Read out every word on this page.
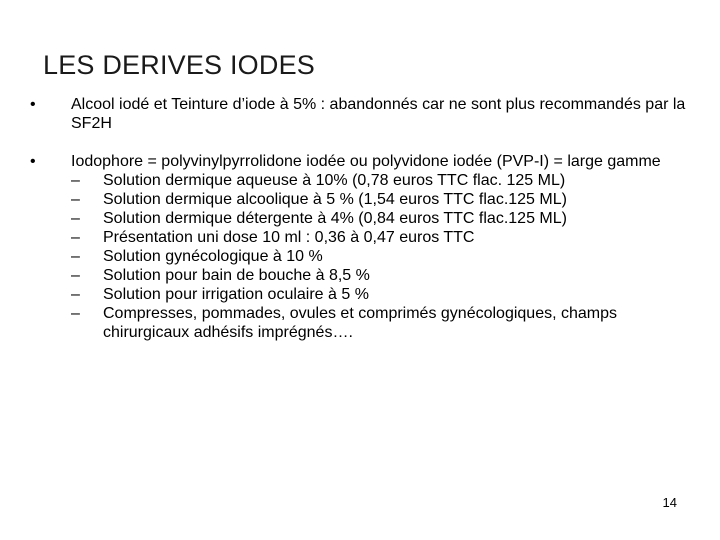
LES DERIVES IODES
•	Alcool iodé et Teinture d’iode à 5% : abandonnés car ne sont plus recommandés par la SF2H
•	Iodophore = polyvinylpyrrolidone iodée ou polyvidone iodée (PVP-I) = large gamme
– Solution dermique aqueuse à 10% (0,78 euros TTC flac. 125 ML)
– Solution dermique alcoolique à 5 % (1,54 euros TTC flac.125 ML)
– Solution dermique détergente à 4% (0,84 euros TTC flac.125 ML)
– Présentation uni dose 10 ml : 0,36 à 0,47 euros TTC
– Solution gynécologique à 10 %
– Solution pour bain de bouche à 8,5 %
– Solution pour irrigation oculaire à 5 %
– Compresses, pommades, ovules et comprimés gynécologiques, champs chirurgicaux adhésifs imprégnés….
14
